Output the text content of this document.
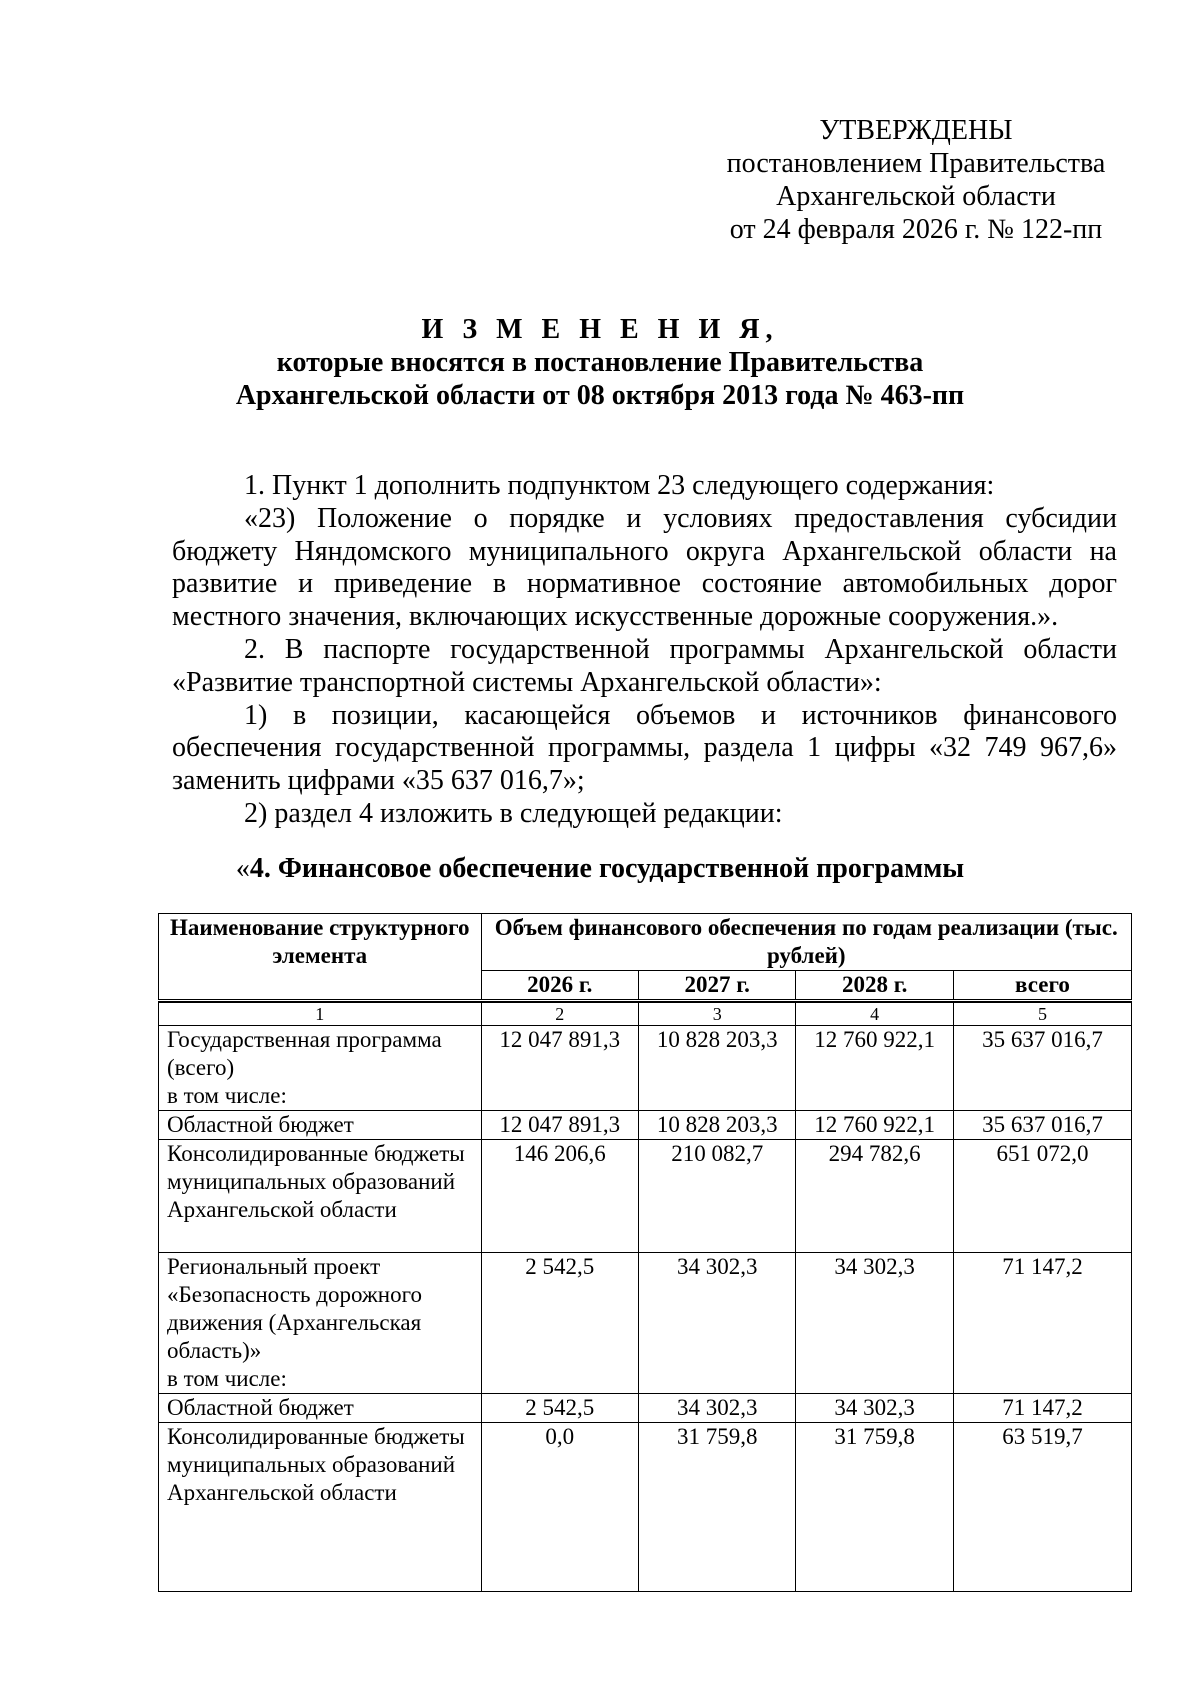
УТВЕРЖДЕНЫ
постановлением Правительства
Архангельской области
от 24 февраля 2026 г. № 122-пп
И З М Е Н Е Н И Я,
которые вносятся в постановление Правительства
Архангельской области от 08 октября 2013 года № 463-пп

1. Пункт 1 дополнить подпунктом 23 следующего содержания:

«23) Положение о порядке и условиях предоставления субсидии бюджету Няндомского муниципального округа Архангельской области на развитие и приведение в нормативное состояние автомобильных дорог местного значения, включающих искусственные дорожные сооружения.».

2. В паспорте государственной программы Архангельской области «Развитие транспортной системы Архангельской области»:

1) в позиции, касающейся объемов и источников финансового обеспечения государственной программы, раздела 1 цифры «32 749 967,6» заменить цифрами «35 637 016,7»;

2) раздел 4 изложить в следующей редакции:

«4. Финансовое обеспечение государственной программы
Наименование структурного элемента	Объем финансового обеспечения по годам реализации (тыс. рублей)			
	2026 г.	2027 г.	2028 г.	всего

1	2	3	4	5
Государственная программа (всего)
в том числе:	12 047 891,3	10 828 203,3	12 760 922,1	35 637 016,7
Областной бюджет	12 047 891,3	10 828 203,3	12 760 922,1	35 637 016,7
Консолидированные бюджеты муниципальных образований Архангельской области	146 206,6	210 082,7	294 782,6	651 072,0
Региональный проект «Безопасность дорожного движения (Архангельская область)»
в том числе:	2 542,5	34 302,3	34 302,3	71 147,2
Областной бюджет	2 542,5	34 302,3	34 302,3	71 147,2
Консолидированные бюджеты муниципальных образований Архангельской области	0,0	31 759,8	31 759,8	63 519,7
